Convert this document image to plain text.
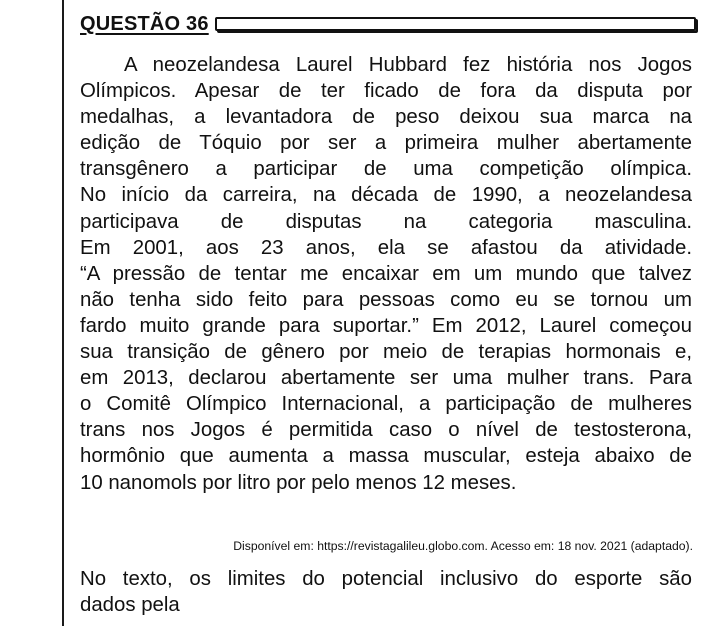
QUESTÃO 36
A neozelandesa Laurel Hubbard fez história nos Jogos
Olímpicos. Apesar de ter ficado de fora da disputa por
medalhas, a levantadora de peso deixou sua marca na
edição de Tóquio por ser a primeira mulher abertamente
transgênero a participar de uma competição olímpica.
No início da carreira, na década de 1990, a neozelandesa
participava de disputas na categoria masculina.
Em 2001, aos 23 anos, ela se afastou da atividade.
“A pressão de tentar me encaixar em um mundo que talvez
não tenha sido feito para pessoas como eu se tornou um
fardo muito grande para suportar.” Em 2012, Laurel começou
sua transição de gênero por meio de terapias hormonais e,
em 2013, declarou abertamente ser uma mulher trans. Para
o Comitê Olímpico Internacional, a participação de mulheres
trans nos Jogos é permitida caso o nível de testosterona,
hormônio que aumenta a massa muscular, esteja abaixo de
10 nanomols por litro por pelo menos 12 meses.
Disponível em: https://revistagalileu.globo.com. Acesso em: 18 nov. 2021 (adaptado).
No texto, os limites do potencial inclusivo do esporte são
dados pela
